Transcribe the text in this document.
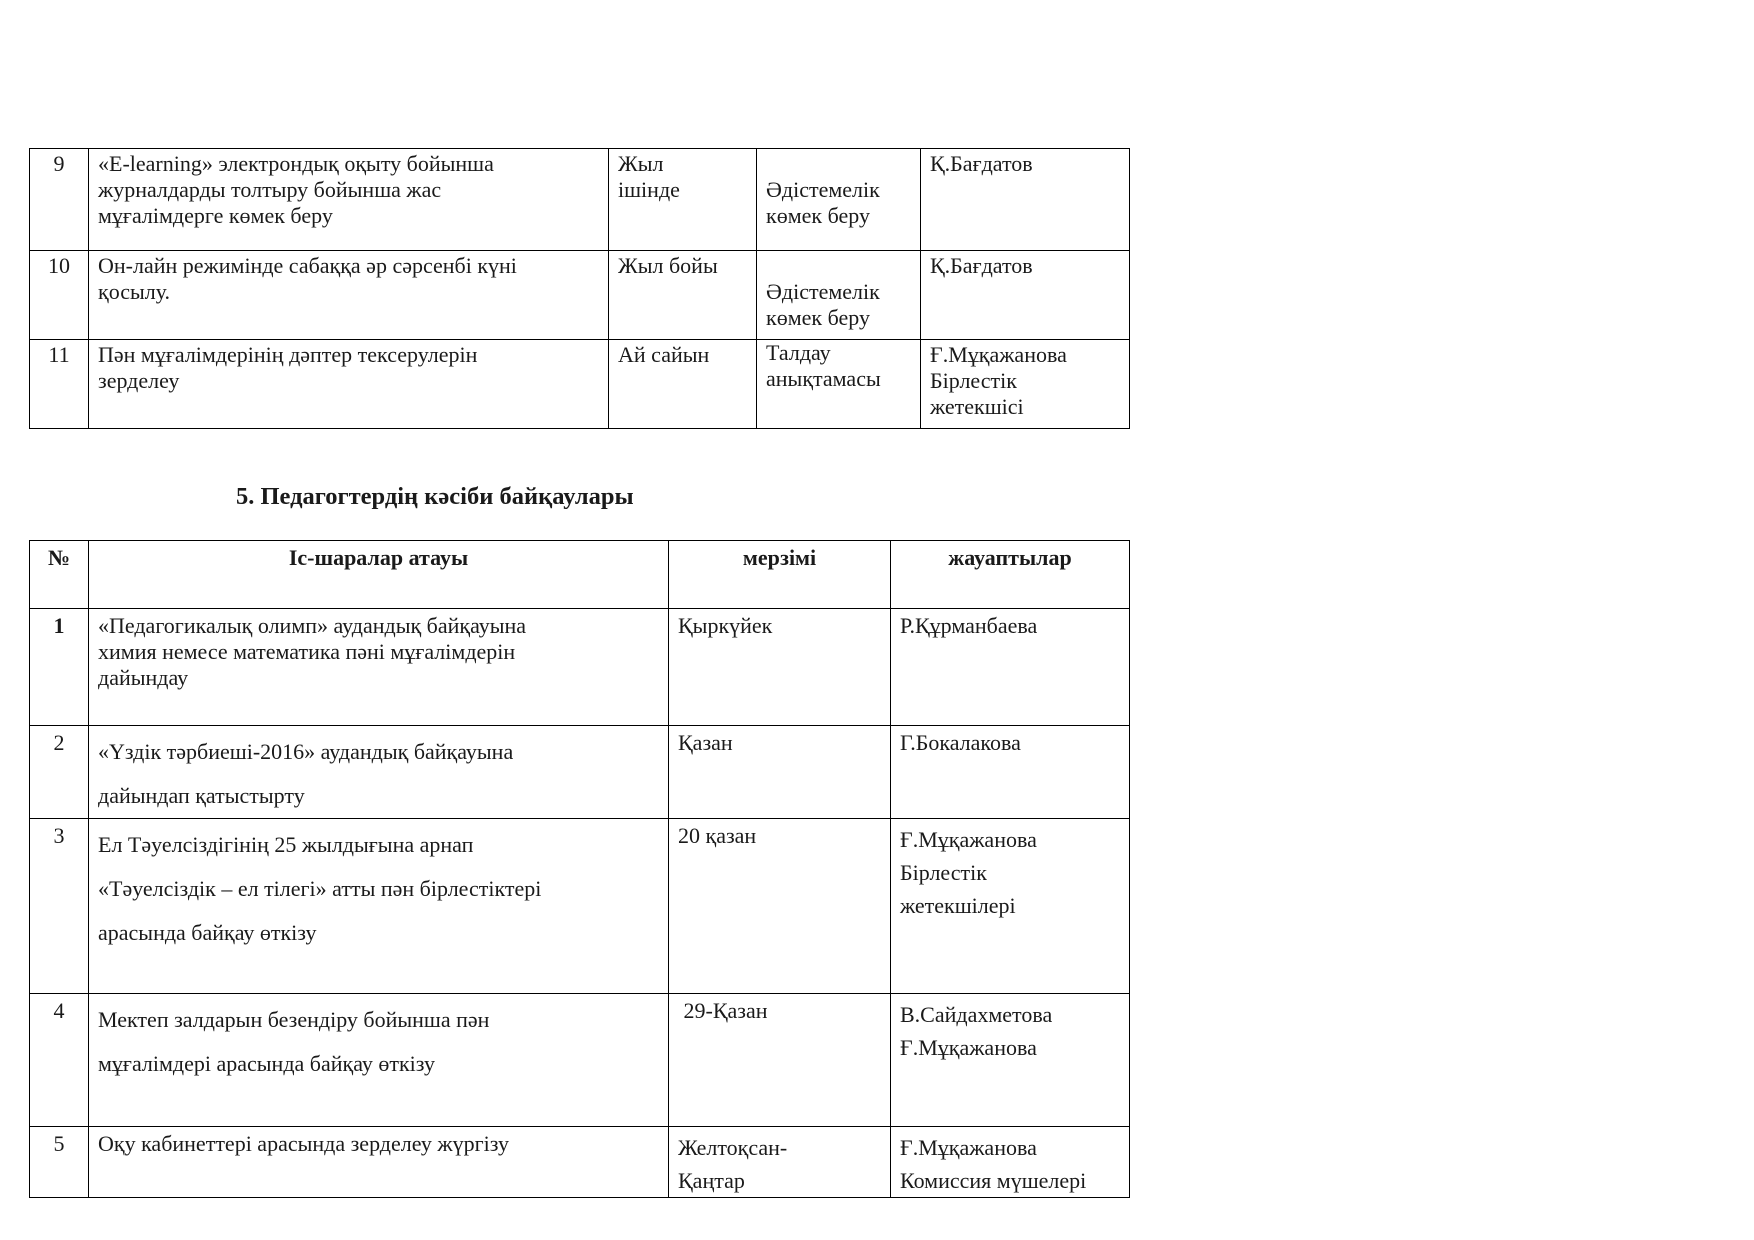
9	«E-learning» электрондық оқыту бойынша
журналдарды толтыру бойынша жас
мұғалімдерге көмек беру	Жыл
ішінде	Әдістемелік
көмек беру	Қ.Бағдатов
10	Он-лайн режимінде сабаққа әр сәрсенбі күні
қосылу.	Жыл бойы	Әдістемелік
көмек беру	Қ.Бағдатов
11	Пән мұғалімдерінің дәптер тексерулерін
зерделеу	Ай сайын	Талдау
анықтамасы	Ғ.Мұқажанова
Бірлестік
жетекшісі
5. Педагогтердің кәсіби байқаулары
№	Іс-шаралар атауы	мерзімі	жауаптылар
1	«Педагогикалық олимп» аудандық байқауына
химия немесе математика пәні мұғалімдерін
дайындау	Қыркүйек	Р.Құрманбаева
2	«Үздік тәрбиеші-2016» аудандық байқауына
дайындап қатыстырту	Қазан	Г.Бокалакова
3	Ел Тәуелсіздігінің 25 жылдығына арнап
«Тәуелсіздік – ел тілегі» атты пән бірлестіктері
арасында байқау өткізу	20 қазан	Ғ.Мұқажанова
Бірлестік
жетекшілері
4	Мектеп залдарын безендіру бойынша пән
мұғалімдері арасында байқау өткізу	29-Қазан	В.Сайдахметова
Ғ.Мұқажанова
5	Оқу кабинеттері арасында зерделеу жүргізу	Желтоқсан-
Қаңтар	Ғ.Мұқажанова
Комиссия мүшелері
